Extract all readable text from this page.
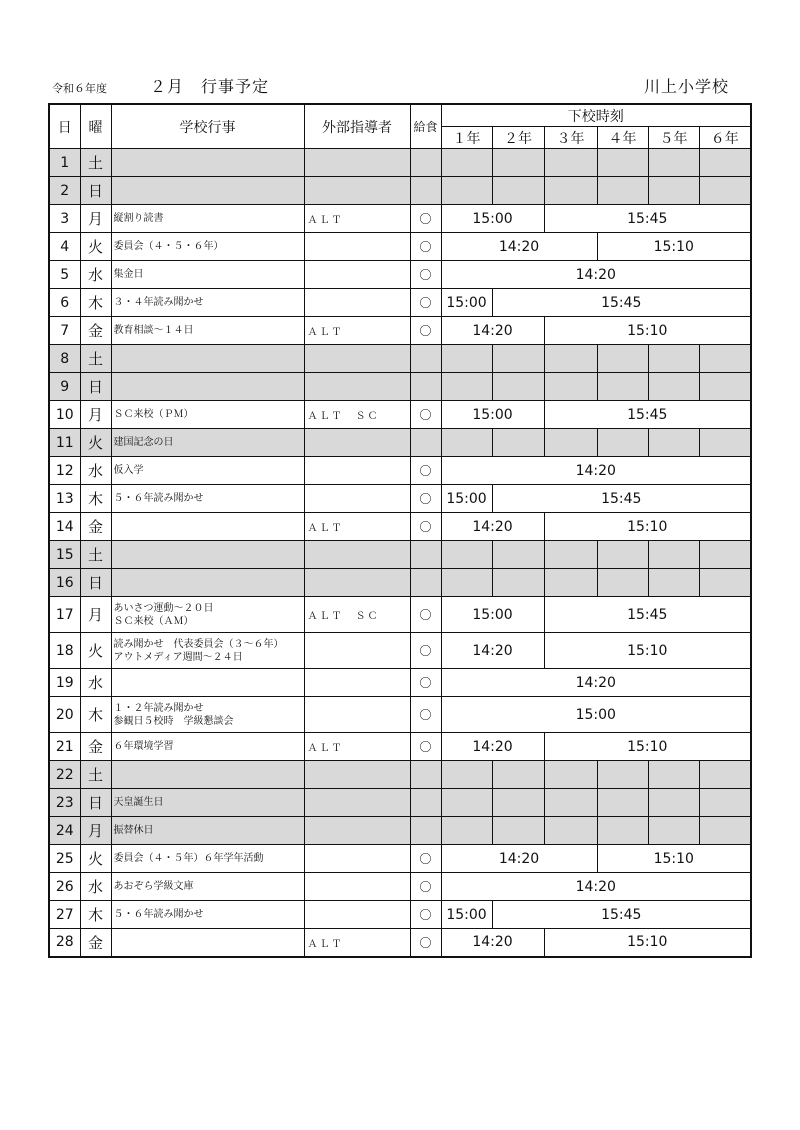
令和６年度	２月　行事予定	川上小学校
日	曜	学校行事	外部指導者	給食	下校時刻					
					１年	２年	３年	４年	５年	６年
1	土	

2	日	

3	月	縦割り読書	ＡＬＴ	〇	15:00		15:45			
4	火	委員会（４・５・６年）		〇	14:20			15:10		
5	水	集金日		〇	14:20					
6	木	３・４年読み聞かせ		〇	15:00	15:45				
7	金	教育相談～１４日	ＡＬＴ	〇	14:20		15:10			
8	土	

9	日	

10	月	ＳＣ来校（ＰＭ）	ＡＬＴ　ＳＣ	〇	15:00		15:45			
11	火	建国記念の日								

12	水	仮入学		〇	14:20					
13	木	５・６年読み聞かせ		〇	15:00	15:45				
14	金		ＡＬＴ	〇	14:20		15:10			
15	土	

16	日	

17	月	あいさつ運動～２０日
ＳＣ来校（ＡＭ）	ＡＬＴ　ＳＣ	〇	15:00		15:45			
18	火	読み聞かせ　代表委員会（３～６年）
アウトメディア週間～２４日		〇	14:20		15:10			
19	水			〇	14:20					
20	木	１・２年読み聞かせ
参観日５校時　学級懇談会		〇	15:00					
21	金	６年環境学習	ＡＬＴ	〇	14:20		15:10			
22	土	

23	日	天皇誕生日								

24	月	振替休日								

25	火	委員会（４・５年）６年学年活動		〇	14:20			15:10		
26	水	あおぞら学級文庫		〇	14:20					
27	木	５・６年読み聞かせ		〇	15:00	15:45				
28	金		ＡＬＴ	〇	14:20		15:10			
